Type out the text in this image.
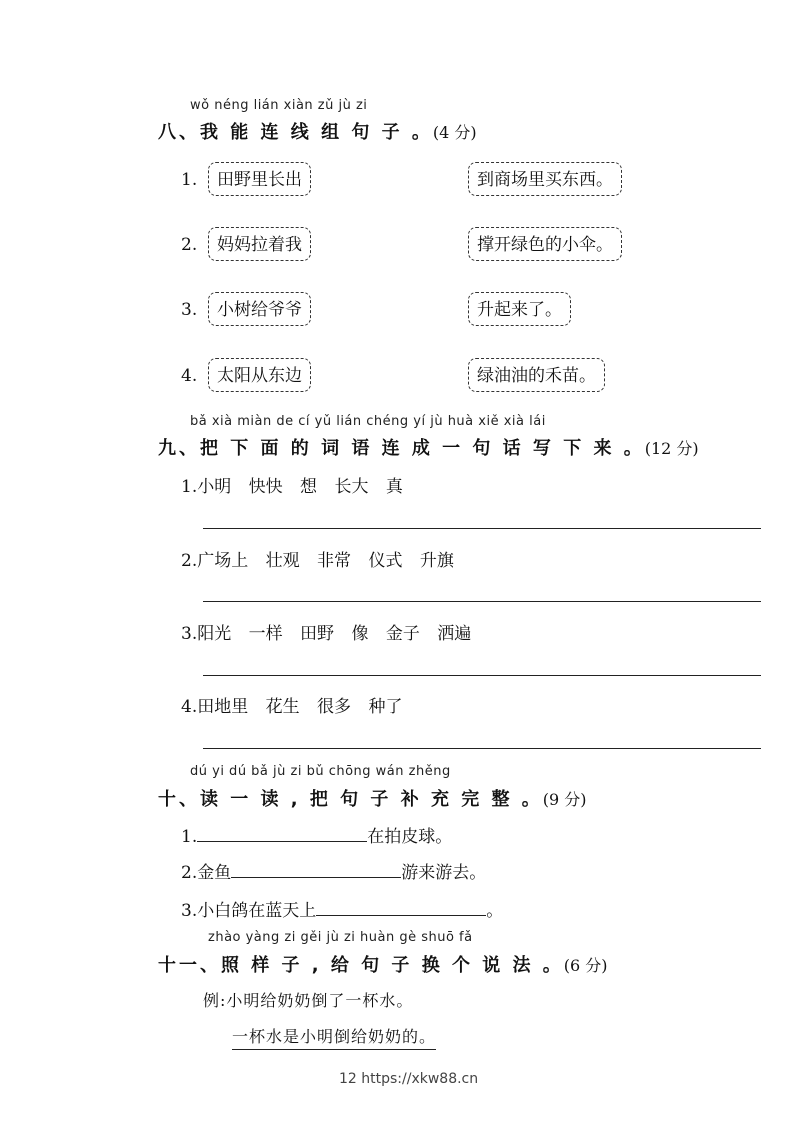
wǒ néng lián xiàn zǔ jù zi
八、我 能 连 线 组 句 子 。(4 分)
1.	田野里长出
2.	妈妈拉着我
3.	小树给爷爷
4.	太阳从东边
到商场里买东西。
撑开绿色的小伞。
升起来了。
绿油油的禾苗。
bǎ xià miàn de cí yǔ lián chéng yí jù huà xiě xià lái
九、把 下 面 的 词 语 连 成 一 句 话 写 下 来 。(12 分)
1.小明 快快 想 长大 真
2.广场上 壮观 非常 仪式 升旗
3.阳光 一样 田野 像 金子 洒遍
4.田地里 花生 很多 种了
dú yi dú bǎ jù zi bǔ chōng wán zhěng
十、读 一 读 , 把 句 子 补 充 完 整 。(9 分)
1.	在拍皮球。
2.金鱼	游来游去。
3.小白鸽在蓝天上	。
zhào yàng zi gěi jù zi huàn gè shuō fǎ
十一、照 样 子 , 给 句 子 换 个 说 法 。(6 分)
例:小明给奶奶倒了一杯水。
一杯水是小明倒给奶奶的。
12 https://xkw88.cn
